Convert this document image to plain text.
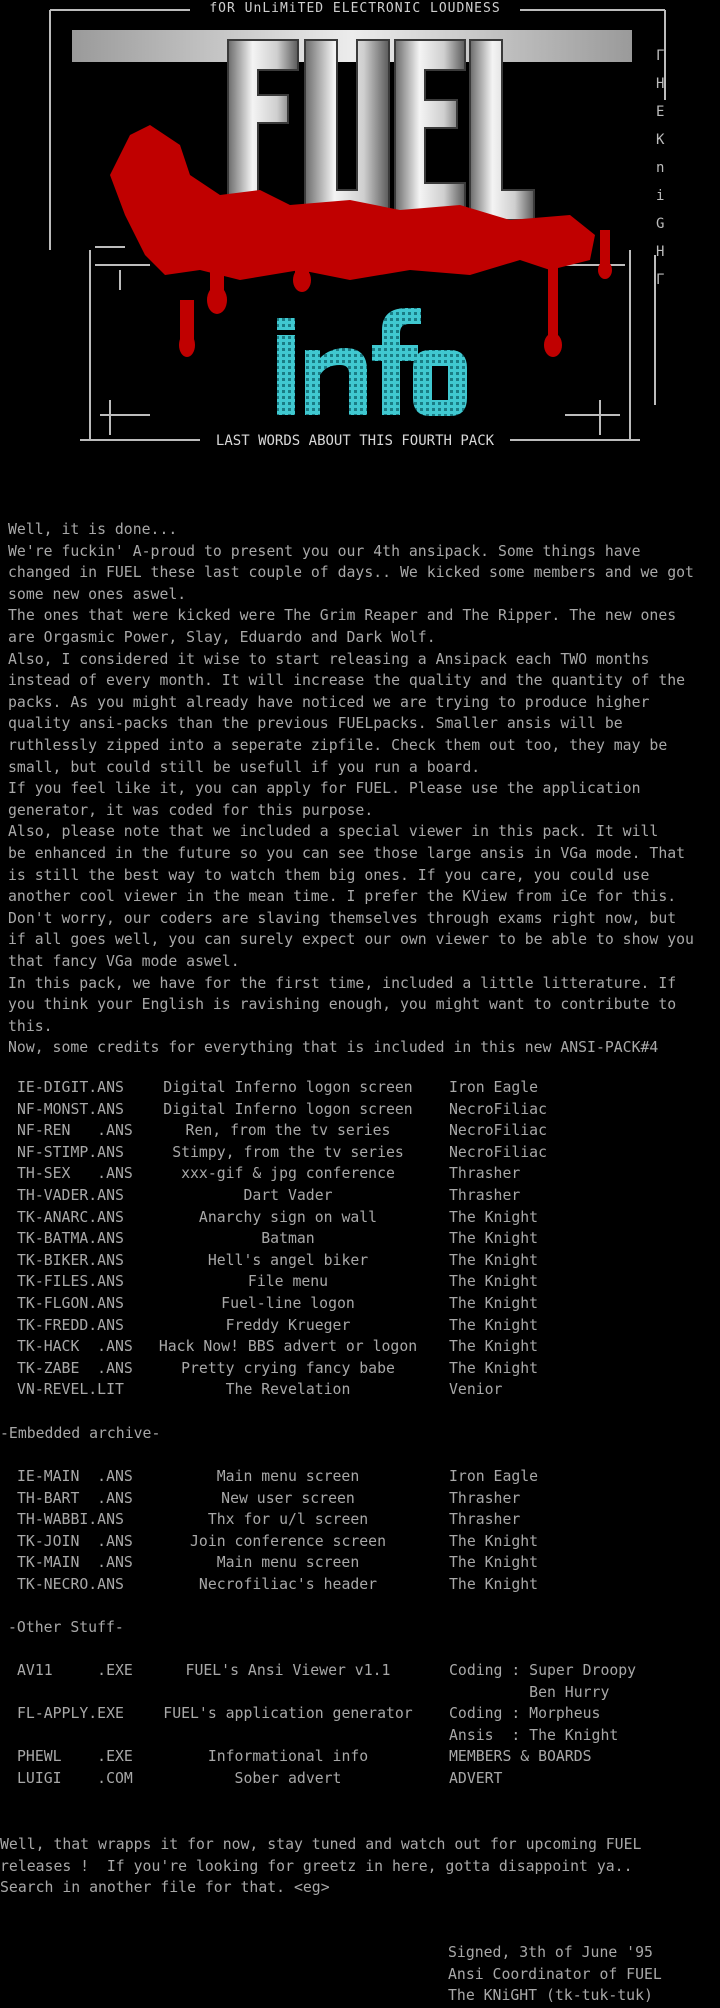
Г
H
E
K
n
i
G
H
Г
fOR UnLiMiTED ELECTRONIC LOUDNESS
LAST WORDS ABOUT THIS FOURTH PACK
Well, it is done...
We're fuckin' A-proud to present you our 4th ansipack. Some things have
changed in FUEL these last couple of days.. We kicked some members and we got
some new ones aswel.
The ones that were kicked were The Grim Reaper and The Ripper. The new ones
are Orgasmic Power, Slay, Eduardo and Dark Wolf.
Also, I considered it wise to start releasing a Ansipack each TWO months
instead of every month. It will increase the quality and the quantity of the
packs. As you might already have noticed we are trying to produce higher
quality ansi-packs than the previous FUELpacks. Smaller ansis will be
ruthlessly zipped into a seperate zipfile. Check them out too, they may be
small, but could still be usefull if you run a board.
If you feel like it, you can apply for FUEL. Please use the application
generator, it was coded for this purpose.
Also, please note that we included a special viewer in this pack. It will
be enhanced in the future so you can see those large ansis in VGa mode. That
is still the best way to watch them big ones. If you care, you could use
another cool viewer in the mean time. I prefer the KView from iCe for this.
Don't worry, our coders are slaving themselves through exams right now, but
if all goes well, you can surely expect our own viewer to be able to show you
that fancy VGa mode aswel.
In this pack, we have for the first time, included a little litterature. If
you think your English is ravishing enough, you might want to contribute to
this.
Now, some credits for everything that is included in this new ANSI-PACK#4
IE-DIGIT.ANS	Digital Inferno logon screen	Iron Eagle
NF-MONST.ANS	Digital Inferno logon screen	NecroFiliac
NF-REN   .ANS	Ren, from the tv series	NecroFiliac
NF-STIMP.ANS	Stimpy, from the tv series	NecroFiliac
TH-SEX   .ANS	xxx-gif & jpg conference	Thrasher
TH-VADER.ANS	Dart Vader	Thrasher
TK-ANARC.ANS	Anarchy sign on wall	The Knight
TK-BATMA.ANS	Batman	The Knight
TK-BIKER.ANS	Hell's angel biker	The Knight
TK-FILES.ANS	File menu	The Knight
TK-FLGON.ANS	Fuel-line logon	The Knight
TK-FREDD.ANS	Freddy Krueger	The Knight
TK-HACK  .ANS	Hack Now! BBS advert or logon	The Knight
TK-ZABE  .ANS	Pretty crying fancy babe	The Knight
VN-REVEL.LIT	The Revelation	Venior
-Embedded archive-
IE-MAIN  .ANS	Main menu screen	Iron Eagle
TH-BART  .ANS	New user screen	Thrasher
TH-WABBI.ANS	Thx for u/l screen	Thrasher
TK-JOIN  .ANS	Join conference screen	The Knight
TK-MAIN  .ANS	Main menu screen	The Knight
TK-NECRO.ANS	Necrofiliac's header	The Knight
-Other Stuff-
AV11     .EXE	FUEL's Ansi Viewer v1.1	Coding : Super Droopy
Ben Hurry
FL-APPLY.EXE	FUEL's application generator	Coding : Morpheus
Ansis  : The Knight
PHEWL    .EXE	Informational info	MEMBERS & BOARDS
LUIGI    .COM	Sober advert	ADVERT
Well, that wrapps it for now, stay tuned and watch out for upcoming FUEL
releases !  If you're looking for greetz in here, gotta disappoint ya..
Search in another file for that. <eg>
Signed, 3th of June '95
Ansi Coordinator of FUEL
The KNiGHT (tk-tuk-tuk)
